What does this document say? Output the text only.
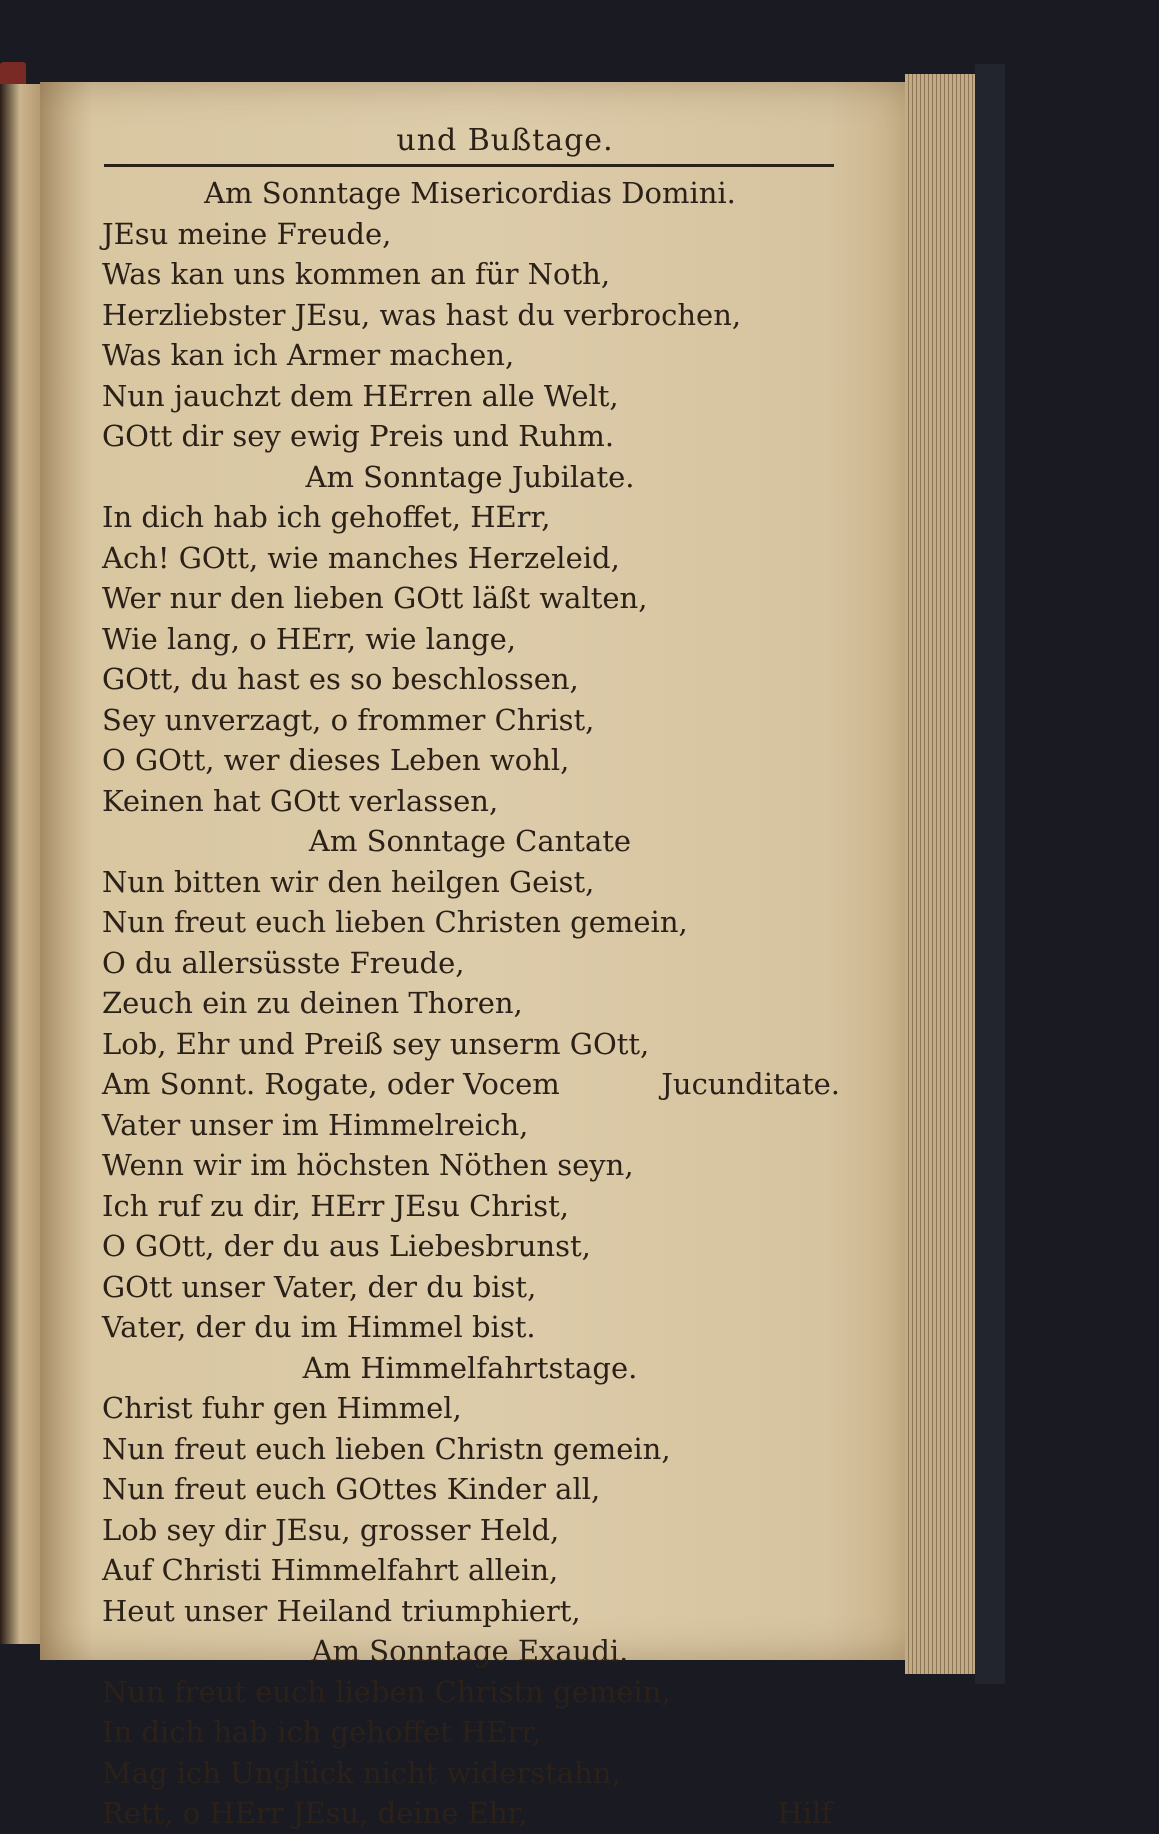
und Bußtage.
Am Sonntage Misericordias Domini.
JEsu meine Freude,
Was kan uns kommen an für Noth,
Herzliebster JEsu, was hast du verbrochen,
Was kan ich Armer machen,
Nun jauchzt dem HErren alle Welt,
GOtt dir sey ewig Preis und Ruhm.
Am Sonntage Jubilate.
In dich hab ich gehoffet, HErr,
Ach! GOtt, wie manches Herzeleid,
Wer nur den lieben GOtt läßt walten,
Wie lang, o HErr, wie lange,
GOtt, du hast es so beschlossen,
Sey unverzagt, o frommer Christ,
O GOtt, wer dieses Leben wohl,
Keinen hat GOtt verlassen,
Am Sonntage Cantate
Nun bitten wir den heilgen Geist,
Nun freut euch lieben Christen gemein,
O du allersüsste Freude,
Zeuch ein zu deinen Thoren,
Lob, Ehr und Preiß sey unserm GOtt,
Am Sonnt. Rogate, oder Vocem	Jucunditate.
Vater unser im Himmelreich,
Wenn wir im höchsten Nöthen seyn,
Ich ruf zu dir, HErr JEsu Christ,
O GOtt, der du aus Liebesbrunst,
GOtt unser Vater, der du bist,
Vater, der du im Himmel bist.
Am Himmelfahrtstage.
Christ fuhr gen Himmel,
Nun freut euch lieben Christn gemein,
Nun freut euch GOttes Kinder all,
Lob sey dir JEsu, grosser Held,
Auf Christi Himmelfahrt allein,
Heut unser Heiland triumphiert,
Am Sonntage Exaudi.
Nun freut euch lieben Christn gemein,
In dich hab ich gehoffet HErr,
Mag ich Unglück nicht widerstahn,
Rett, o HErr JEsu, deine Ehr,	Hilf
